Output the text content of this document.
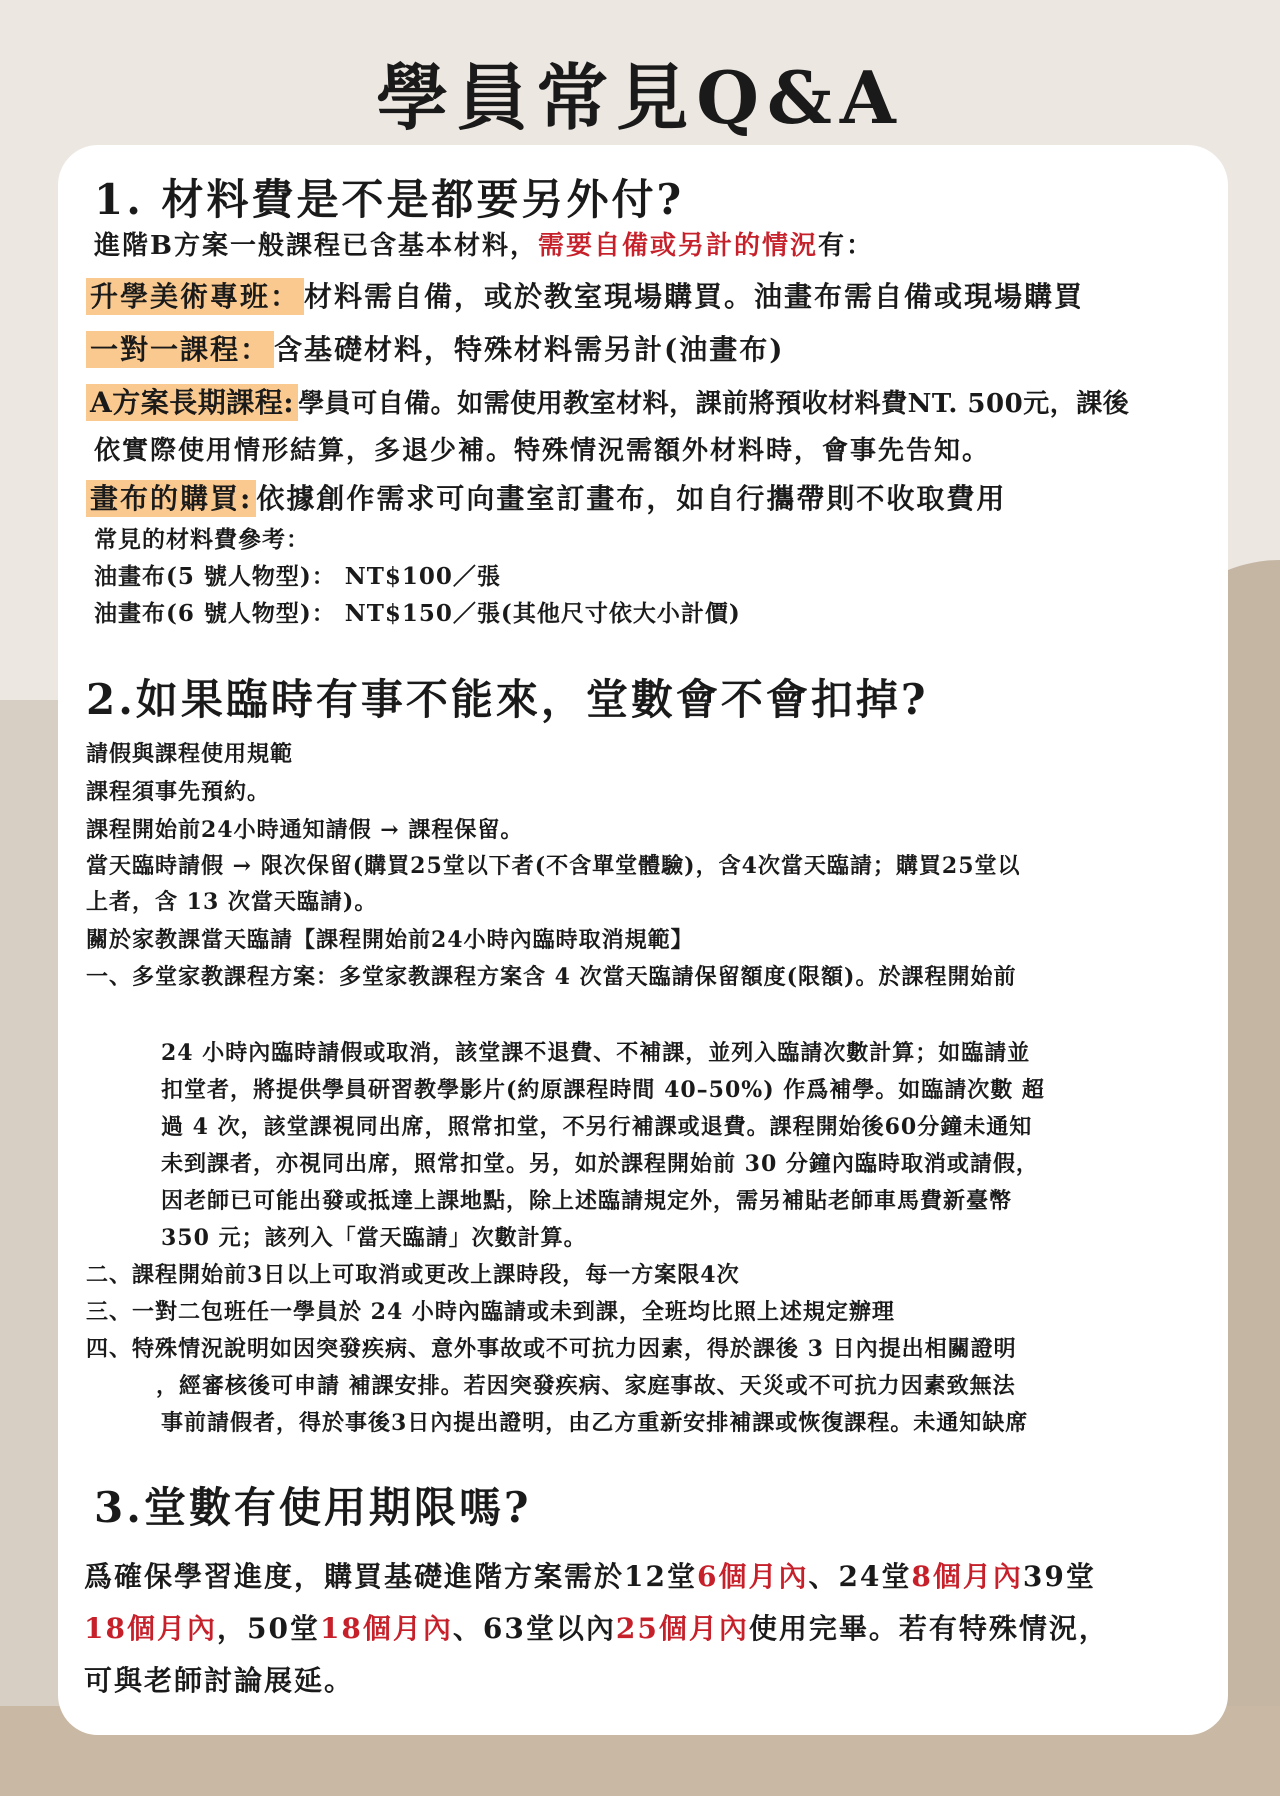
學員常見Q&A
1. 材料費是不是都要另外付?
進階B方案一般課程已含基本材料，需要自備或另計的情況有：
升學美術專班： 材料需自備，或於教室現場購買。油畫布需自備或現場購買
一對一課程： 含基礎材料，特殊材料需另計(油畫布)
A方案長期課程: 學員可自備。如需使用教室材料，課前將預收材料費NT. 500元，課後
依實際使用情形結算，多退少補。特殊情況需額外材料時，會事先告知。
畫布的購買: 依據創作需求可向畫室訂畫布，如自行攜帶則不收取費用
常見的材料費參考：
油畫布(5 號人物型)： NT$100／張
油畫布(6 號人物型)： NT$150／張(其他尺寸依大小計價)
2.如果臨時有事不能來，堂數會不會扣掉?
請假與課程使用規範
課程須事先預約。
課程開始前24小時通知請假 → 課程保留。
當天臨時請假 → 限次保留(購買25堂以下者(不含單堂體驗)，含4次當天臨請；購買25堂以
上者，含 13 次當天臨請)。
關於家教課當天臨請【課程開始前24小時內臨時取消規範】
一、多堂家教課程方案：多堂家教課程方案含 4 次當天臨請保留額度(限額)。於課程開始前
24 小時內臨時請假或取消，該堂課不退費、不補課，並列入臨請次數計算；如臨請並
扣堂者，將提供學員研習教學影片(約原課程時間 40–50%) 作爲補學。如臨請次數 超
過 4 次，該堂課視同出席，照常扣堂，不另行補課或退費。課程開始後60分鐘未通知
未到課者，亦視同出席，照常扣堂。另，如於課程開始前 30 分鐘內臨時取消或請假，
因老師已可能出發或抵達上課地點，除上述臨請規定外，需另補貼老師車馬費新臺幣
350 元；該列入「當天臨請」次數計算。
二、課程開始前3日以上可取消或更改上課時段，每一方案限4次
三、一對二包班任一學員於 24 小時內臨請或未到課，全班均比照上述規定辦理
四、特殊情況說明如因突發疾病、意外事故或不可抗力因素，得於課後 3 日內提出相關證明
，經審核後可申請 補課安排。若因突發疾病、家庭事故、天災或不可抗力因素致無法
事前請假者，得於事後3日內提出證明，由乙方重新安排補課或恢復課程。未通知缺席
3.堂數有使用期限嗎?
爲確保學習進度，購買基礎進階方案需於12堂6個月內、24堂8個月內39堂
18個月內，50堂18個月內、63堂以內25個月內使用完畢。若有特殊情況，
可與老師討論展延。
